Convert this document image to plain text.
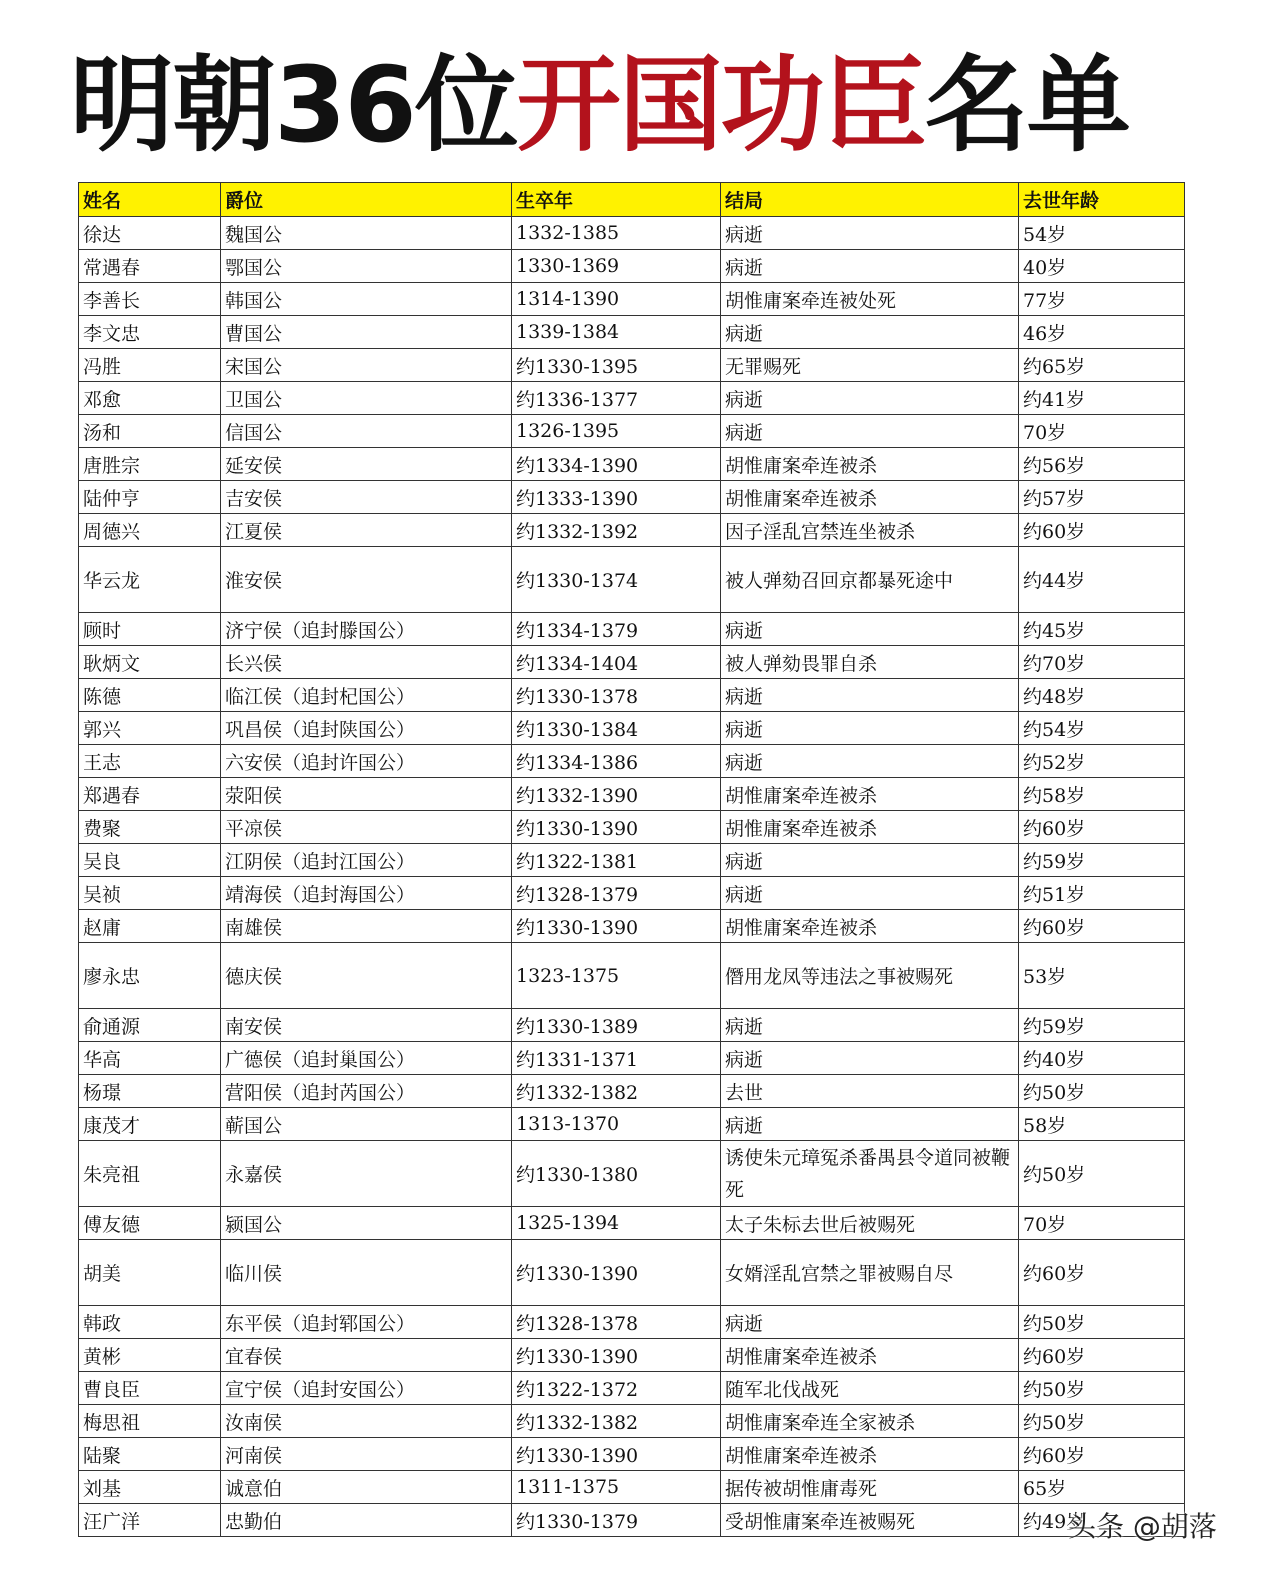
明朝36位开国功臣名单
姓名	爵位	生卒年	结局	去世年龄
徐达	魏国公	1332-1385	病逝	54岁
常遇春	鄂国公	1330-1369	病逝	40岁
李善长	韩国公	1314-1390	胡惟庸案牵连被处死	77岁
李文忠	曹国公	1339-1384	病逝	46岁
冯胜	宋国公	约1330-1395	无罪赐死	约65岁
邓愈	卫国公	约1336-1377	病逝	约41岁
汤和	信国公	1326-1395	病逝	70岁
唐胜宗	延安侯	约1334-1390	胡惟庸案牵连被杀	约56岁
陆仲亨	吉安侯	约1333-1390	胡惟庸案牵连被杀	约57岁
周德兴	江夏侯	约1332-1392	因子淫乱宫禁连坐被杀	约60岁
华云龙	淮安侯	约1330-1374	被人弹劾召回京都暴死途中	约44岁
顾时	济宁侯（追封滕国公）	约1334-1379	病逝	约45岁
耿炳文	长兴侯	约1334-1404	被人弹劾畏罪自杀	约70岁
陈德	临江侯（追封杞国公）	约1330-1378	病逝	约48岁
郭兴	巩昌侯（追封陕国公）	约1330-1384	病逝	约54岁
王志	六安侯（追封许国公）	约1334-1386	病逝	约52岁
郑遇春	荥阳侯	约1332-1390	胡惟庸案牵连被杀	约58岁
费聚	平凉侯	约1330-1390	胡惟庸案牵连被杀	约60岁
吴良	江阴侯（追封江国公）	约1322-1381	病逝	约59岁
吴祯	靖海侯（追封海国公）	约1328-1379	病逝	约51岁
赵庸	南雄侯	约1330-1390	胡惟庸案牵连被杀	约60岁
廖永忠	德庆侯	1323-1375	僭用龙凤等违法之事被赐死	53岁
俞通源	南安侯	约1330-1389	病逝	约59岁
华高	广德侯（追封巢国公）	约1331-1371	病逝	约40岁
杨璟	营阳侯（追封芮国公）	约1332-1382	去世	约50岁
康茂才	蕲国公	1313-1370	病逝	58岁
朱亮祖	永嘉侯	约1330-1380	诱使朱元璋冤杀番禺县令道同被鞭死	约50岁
傅友德	颍国公	1325-1394	太子朱标去世后被赐死	70岁
胡美	临川侯	约1330-1390	女婿淫乱宫禁之罪被赐自尽	约60岁
韩政	东平侯（追封郓国公）	约1328-1378	病逝	约50岁
黄彬	宜春侯	约1330-1390	胡惟庸案牵连被杀	约60岁
曹良臣	宣宁侯（追封安国公）	约1322-1372	随军北伐战死	约50岁
梅思祖	汝南侯	约1332-1382	胡惟庸案牵连全家被杀	约50岁
陆聚	河南侯	约1330-1390	胡惟庸案牵连被杀	约60岁
刘基	诚意伯	1311-1375	据传被胡惟庸毒死	65岁
汪广洋	忠勤伯	约1330-1379	受胡惟庸案牵连被赐死	约49岁
头条 @胡落
